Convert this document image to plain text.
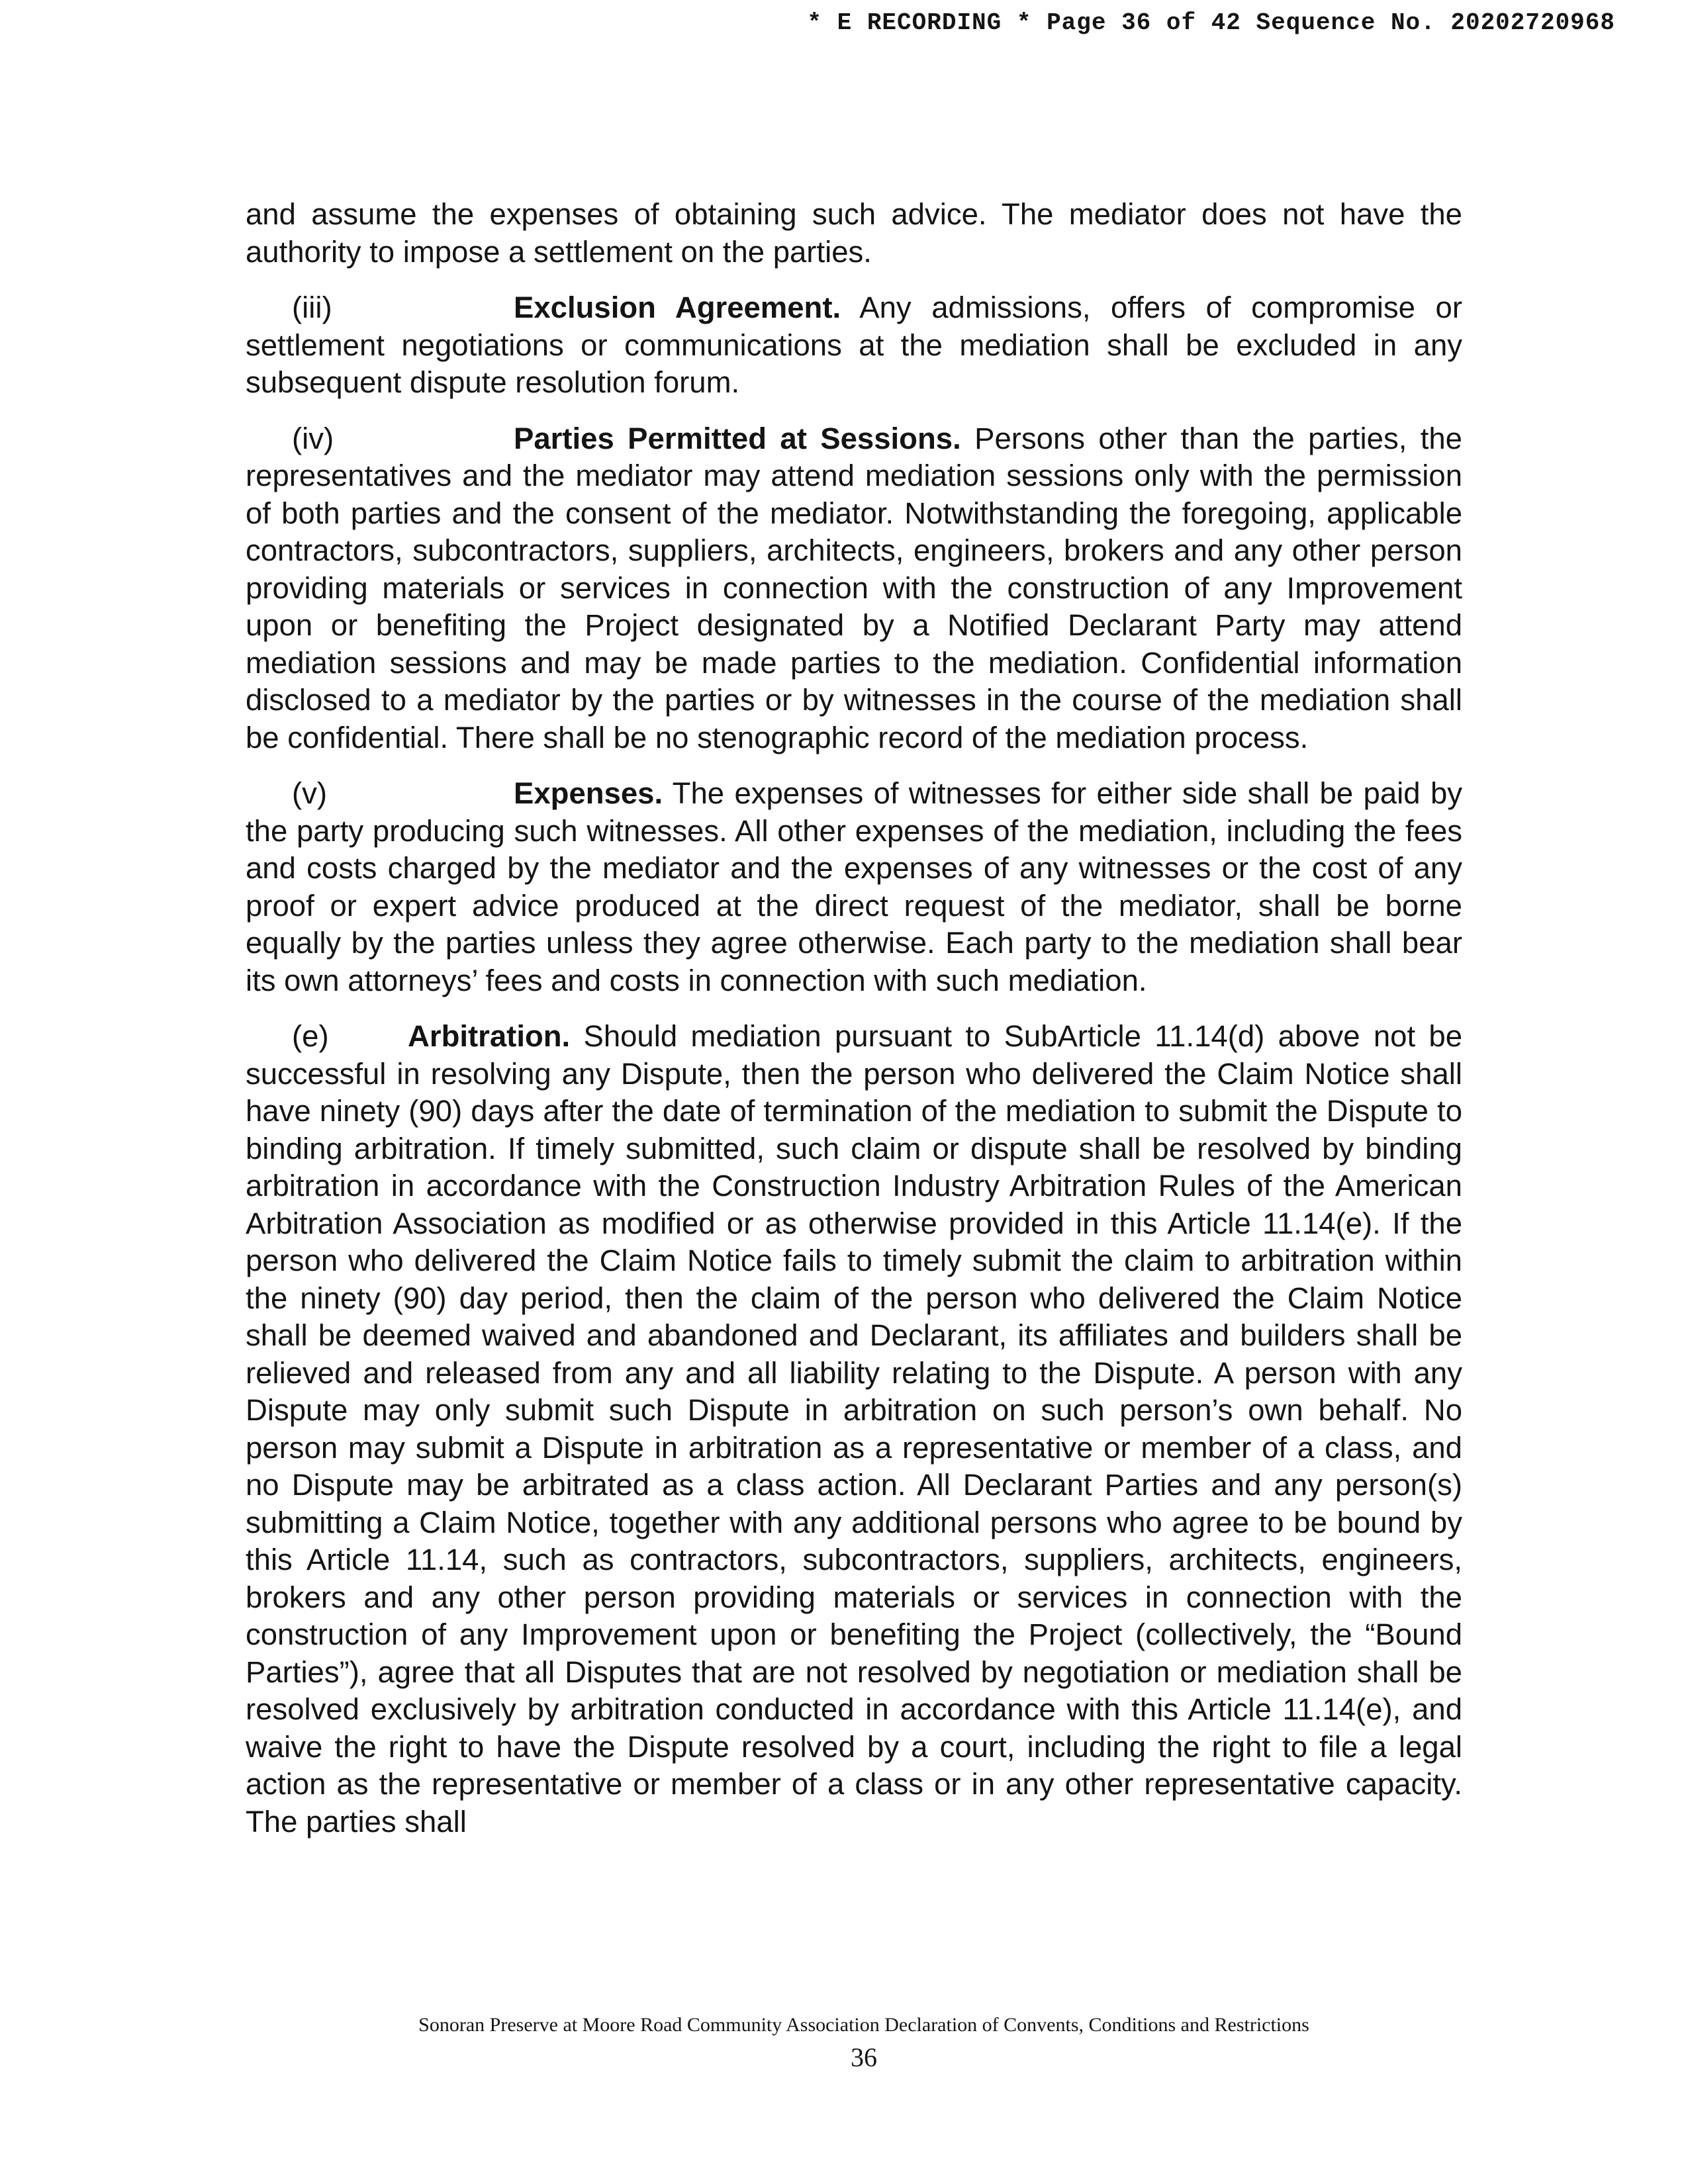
* E RECORDING * Page 36 of 42 Sequence No. 20202720968

and assume the expenses of obtaining such advice. The mediator does not have the authority to impose a settlement on the parties.

(iii)	Exclusion Agreement. Any admissions, offers of compromise or settlement negotiations or communications at the mediation shall be excluded in any subsequent dispute resolution forum.

(iv)	Parties Permitted at Sessions. Persons other than the parties, the representatives and the mediator may attend mediation sessions only with the permission of both parties and the consent of the mediator. Notwithstanding the foregoing, applicable contractors, subcontractors, suppliers, architects, engineers, brokers and any other person providing materials or services in connection with the construction of any Improvement upon or benefiting the Project designated by a Notified Declarant Party may attend mediation sessions and may be made parties to the mediation. Confidential information disclosed to a mediator by the parties or by witnesses in the course of the mediation shall be confidential. There shall be no stenographic record of the mediation process.

(v)	Expenses. The expenses of witnesses for either side shall be paid by the party producing such witnesses. All other expenses of the mediation, including the fees and costs charged by the mediator and the expenses of any witnesses or the cost of any proof or expert advice produced at the direct request of the mediator, shall be borne equally by the parties unless they agree otherwise. Each party to the mediation shall bear its own attorneys’ fees and costs in connection with such mediation.

(e)	Arbitration. Should mediation pursuant to SubArticle 11.14(d) above not be successful in resolving any Dispute, then the person who delivered the Claim Notice shall have ninety (90) days after the date of termination of the mediation to submit the Dispute to binding arbitration. If timely submitted, such claim or dispute shall be resolved by binding arbitration in accordance with the Construction Industry Arbitration Rules of the American Arbitration Association as modified or as otherwise provided in this Article 11.14(e). If the person who delivered the Claim Notice fails to timely submit the claim to arbitration within the ninety (90) day period, then the claim of the person who delivered the Claim Notice shall be deemed waived and abandoned and Declarant, its affiliates and builders shall be relieved and released from any and all liability relating to the Dispute. A person with any Dispute may only submit such Dispute in arbitration on such person’s own behalf. No person may submit a Dispute in arbitration as a representative or member of a class, and no Dispute may be arbitrated as a class action. All Declarant Parties and any person(s) submitting a Claim Notice, together with any additional persons who agree to be bound by this Article 11.14, such as contractors, subcontractors, suppliers, architects, engineers, brokers and any other person providing materials or services in connection with the construction of any Improvement upon or benefiting the Project (collectively, the “Bound Parties”), agree that all Disputes that are not resolved by negotiation or mediation shall be resolved exclusively by arbitration conducted in accordance with this Article 11.14(e), and waive the right to have the Dispute resolved by a court, including the right to file a legal action as the representative or member of a class or in any other representative capacity. The parties shall

Sonoran Preserve at Moore Road Community Association Declaration of Convents, Conditions and Restrictions
36
